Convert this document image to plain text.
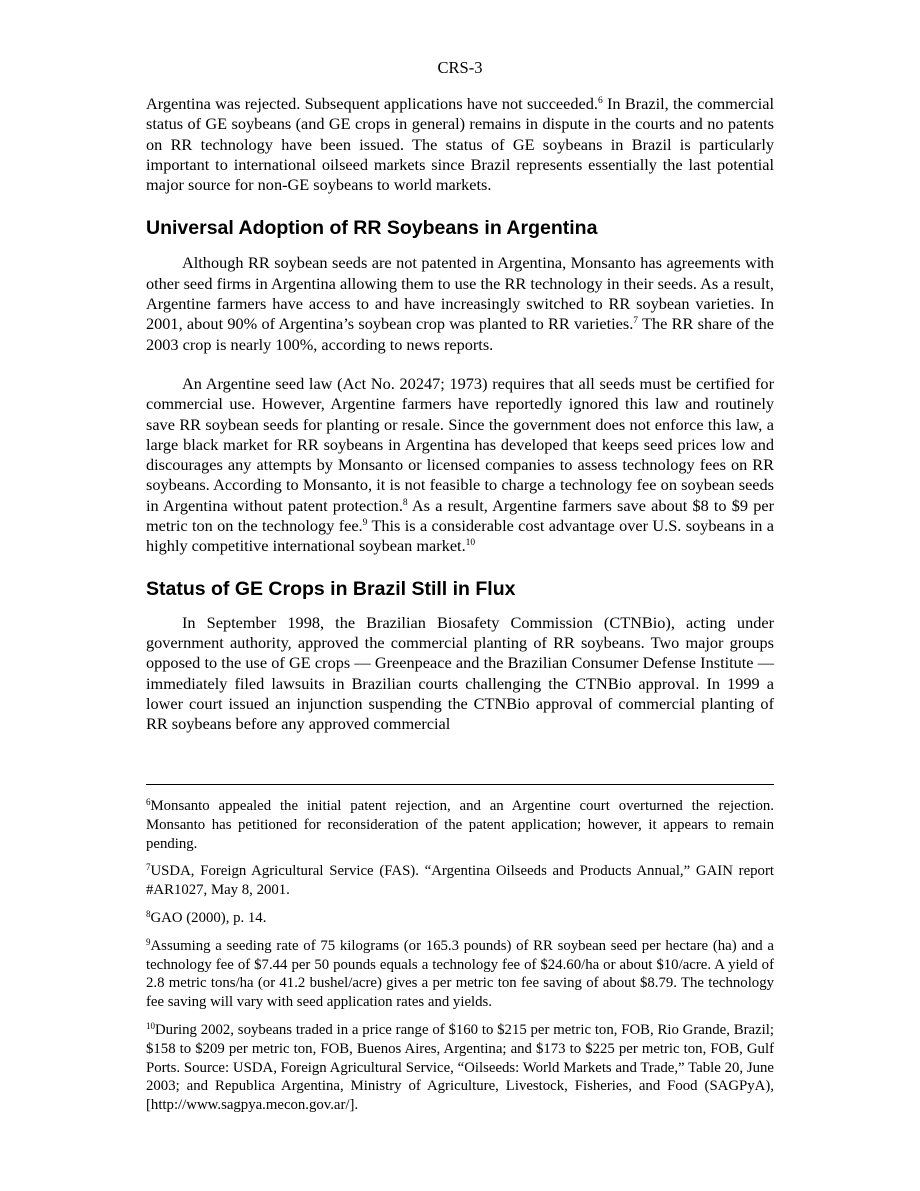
CRS-3

Argentina was rejected. Subsequent applications have not succeeded.$^6$ In Brazil, the commercial status of GE soybeans (and GE crops in general) remains in dispute in the courts and no patents on RR technology have been issued. The status of GE soybeans in Brazil is particularly important to international oilseed markets since Brazil represents essentially the last potential major source for non-GE soybeans to world markets.

Universal Adoption of RR Soybeans in Argentina

Although RR soybean seeds are not patented in Argentina, Monsanto has agreements with other seed firms in Argentina allowing them to use the RR technology in their seeds. As a result, Argentine farmers have access to and have increasingly switched to RR soybean varieties. In 2001, about 90% of Argentina’s soybean crop was planted to RR varieties.$^7$ The RR share of the 2003 crop is nearly 100%, according to news reports.

An Argentine seed law (Act No. 20247; 1973) requires that all seeds must be certified for commercial use. However, Argentine farmers have reportedly ignored this law and routinely save RR soybean seeds for planting or resale. Since the government does not enforce this law, a large black market for RR soybeans in Argentina has developed that keeps seed prices low and discourages any attempts by Monsanto or licensed companies to assess technology fees on RR soybeans. According to Monsanto, it is not feasible to charge a technology fee on soybean seeds in Argentina without patent protection.$^8$ As a result, Argentine farmers save about $8 to $9 per metric ton on the technology fee.$^9$ This is a considerable cost advantage over U.S. soybeans in a highly competitive international soybean market.$^{10}$

Status of GE Crops in Brazil Still in Flux

In September 1998, the Brazilian Biosafety Commission (CTNBio), acting under government authority, approved the commercial planting of RR soybeans. Two major groups opposed to the use of GE crops — Greenpeace and the Brazilian Consumer Defense Institute — immediately filed lawsuits in Brazilian courts challenging the CTNBio approval. In 1999 a lower court issued an injunction suspending the CTNBio approval of commercial planting of RR soybeans before any approved commercial

$^6$Monsanto appealed the initial patent rejection, and an Argentine court overturned the rejection. Monsanto has petitioned for reconsideration of the patent application; however, it appears to remain pending.

$^7$USDA, Foreign Agricultural Service (FAS). “Argentina Oilseeds and Products Annual,” GAIN report #AR1027, May 8, 2001.

$^8$GAO (2000), p. 14.

$^9$Assuming a seeding rate of 75 kilograms (or 165.3 pounds) of RR soybean seed per hectare (ha) and a technology fee of $7.44 per 50 pounds equals a technology fee of $24.60/ha or about $10/acre. A yield of 2.8 metric tons/ha (or 41.2 bushel/acre) gives a per metric ton fee saving of about $8.79. The technology fee saving will vary with seed application rates and yields.

$^{10}$During 2002, soybeans traded in a price range of $160 to $215 per metric ton, FOB, Rio Grande, Brazil; $158 to $209 per metric ton, FOB, Buenos Aires, Argentina; and $173 to $225 per metric ton, FOB, Gulf Ports. Source: USDA, Foreign Agricultural Service, “Oilseeds: World Markets and Trade,” Table 20, June 2003; and Republica Argentina, Ministry of Agriculture, Livestock, Fisheries, and Food (SAGPyA), [http://www.sagpya.mecon.gov.ar/].
